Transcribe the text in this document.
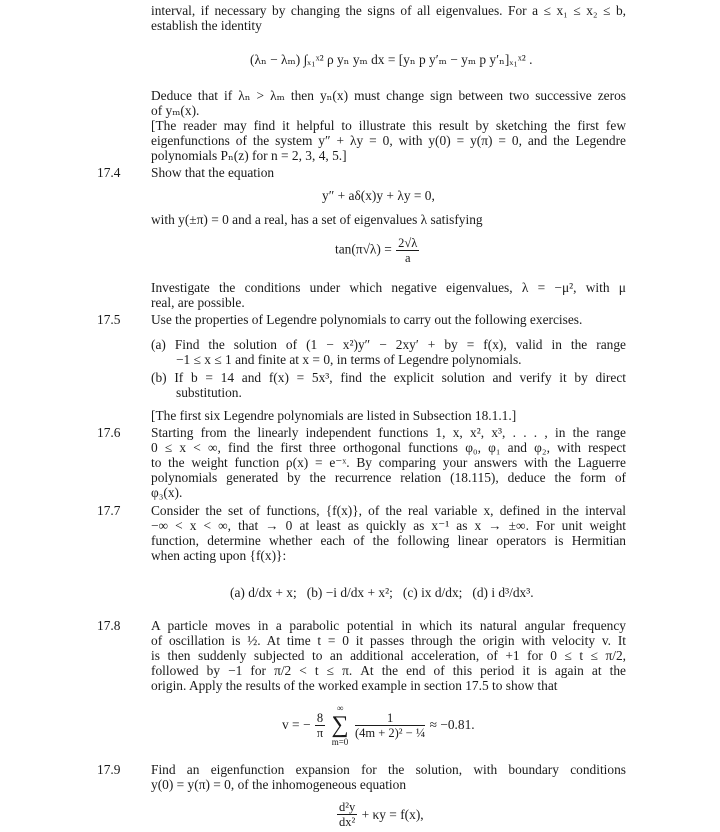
interval, if necessary by changing the signs of all eigenvalues. For a ≤ x₁ ≤ x₂ ≤ b,
establish the identity
(λₙ − λₘ) ∫ₓ₁ˣ² ρ yₙ yₘ dx = [yₙ p y′ₘ − yₘ p y′ₙ]ₓ₁ˣ² .
Deduce that if λₙ > λₘ then yₙ(x) must change sign between two successive zeros
of yₘ(x).
[The reader may find it helpful to illustrate this result by sketching the first few
eigenfunctions of the system y″ + λy = 0, with y(0) = y(π) = 0, and the Legendre
polynomials Pₙ(z) for n = 2, 3, 4, 5.]
17.4 Show that the equation
y″ + aδ(x)y + λy = 0,
with y(±π) = 0 and a real, has a set of eigenvalues λ satisfying
$\tan(\pi√\lambda) = \frac{2√\lambda}{a}$
Investigate the conditions under which negative eigenvalues, λ = −μ², with μ
real, are possible.
17.5 Use the properties of Legendre polynomials to carry out the following exercises.
(a) Find the solution of (1 − x²)y″ − 2xy′ + by = f(x), valid in the range
−1 ≤ x ≤ 1 and finite at x = 0, in terms of Legendre polynomials.
(b) If b = 14 and f(x) = 5x³, find the explicit solution and verify it by direct
substitution.
[The first six Legendre polynomials are listed in Subsection 18.1.1.]
17.6 Starting from the linearly independent functions 1, x, x², x³, . . . , in the range
0 ≤ x < ∞, find the first three orthogonal functions φ₀, φ₁ and φ₂, with respect
to the weight function ρ(x) = e⁻ˣ. By comparing your answers with the Laguerre
polynomials generated by the recurrence relation (18.115), deduce the form of
φ₃(x).
17.7 Consider the set of functions, {f(x)}, of the real variable x, defined in the interval
−∞ < x < ∞, that → 0 at least as quickly as x⁻¹ as x → ±∞. For unit weight
function, determine whether each of the following linear operators is Hermitian
when acting upon {f(x)}:
(a) d/dx + x; (b) −i d/dx + x²; (c) ix d/dx; (d) i d³/dx³.
17.8 A particle moves in a parabolic potential in which its natural angular frequency
of oscillation is ½. At time t = 0 it passes through the origin with velocity v. It
is then suddenly subjected to an additional acceleration, of +1 for 0 ≤ t ≤ π/2,
followed by −1 for π/2 < t ≤ π. At the end of this period it is again at the
origin. Apply the results of the worked example in section 17.5 to show that
v = − $\frac{8}{\pi}$

∞
∑
m=0

$\frac{1}{\text{(4m + 2)² − ¼}} \approx -0.81$.
17.9 Find an eigenfunction expansion for the solution, with boundary conditions
y(0) = y(π) = 0, of the inhomogeneous equation
$\frac{\text{d²y}}{\text{dx²}} + \kappa y = f(x)$,
